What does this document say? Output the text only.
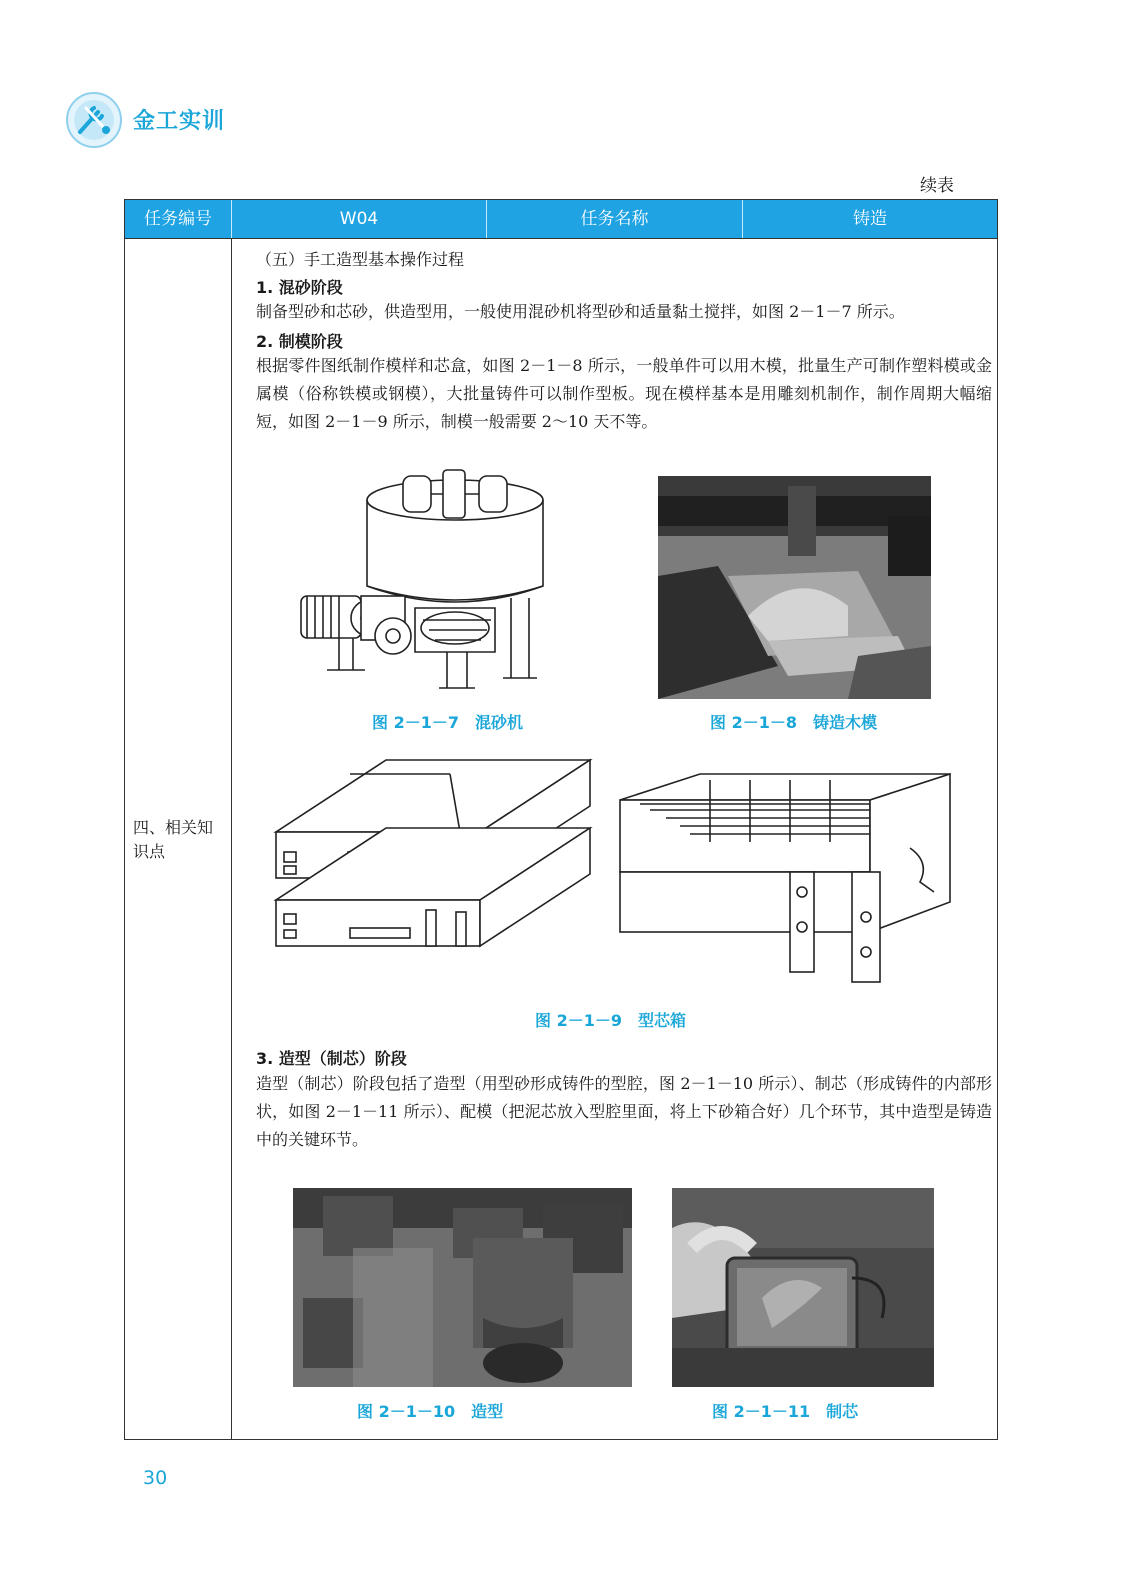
金工实训
续表
任务编号	W04	任务名称	铸造
四、相关知识点
（五）手工造型基本操作过程
1. 混砂阶段
制备型砂和芯砂，供造型用，一般使用混砂机将型砂和适量黏土搅拌，如图 2－1－7 所示。
2. 制模阶段
根据零件图纸制作模样和芯盒，如图 2－1－8 所示，一般单件可以用木模，批量生产可制作塑料模或金属模（俗称铁模或钢模），大批量铸件可以制作型板。现在模样基本是用雕刻机制作，制作周期大幅缩短，如图 2－1－9 所示，制模一般需要 2～10 天不等。
图 2－1－7　混砂机	图 2－1－8　铸造木模
图 2－1－9　型芯箱
3. 造型（制芯）阶段
造型（制芯）阶段包括了造型（用型砂形成铸件的型腔，图 2－1－10 所示）、制芯（形成铸件的内部形状，如图 2－1－11 所示）、配模（把泥芯放入型腔里面，将上下砂箱合好）几个环节，其中造型是铸造中的关键环节。
图 2－1－10　造型	图 2－1－11　制芯
30
